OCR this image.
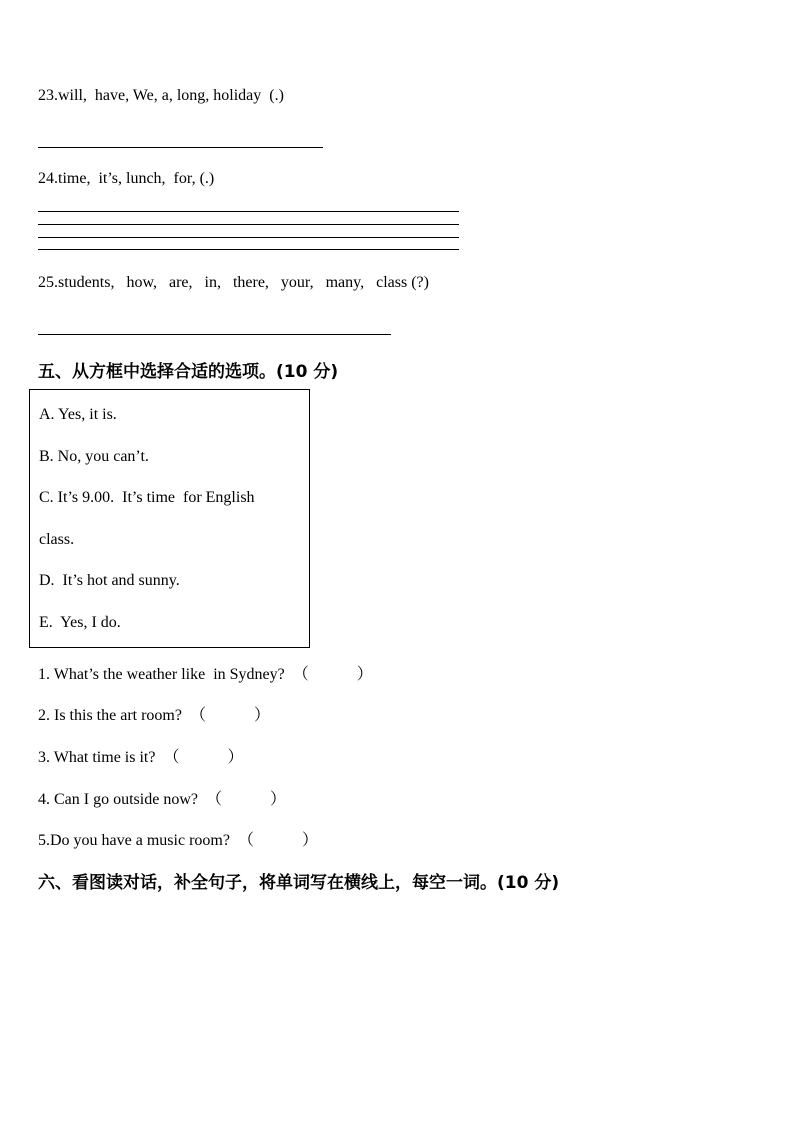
23.will,  have, We, a, long, holiday  (.)
24.time,  it’s, lunch,  for, (.)
25.students,   how,   are,   in,   there,   your,   many,   class (?)
五、从方框中选择合适的选项。(10 分)
A. Yes, it is.
B. No, you can’t.
C. It’s 9.00.  It’s time  for English
class.
D.  It’s hot and sunny.
E.  Yes, I do.
1. What’s the weather like  in Sydney?  （            ）
2. Is this the art room?  （            ）
3. What time is it?  （            ）
4. Can I go outside now?  （            ）
5.Do you have a music room?  （            ）
六、看图读对话，补全句子，将单词写在横线上，每空一词。(10 分)
